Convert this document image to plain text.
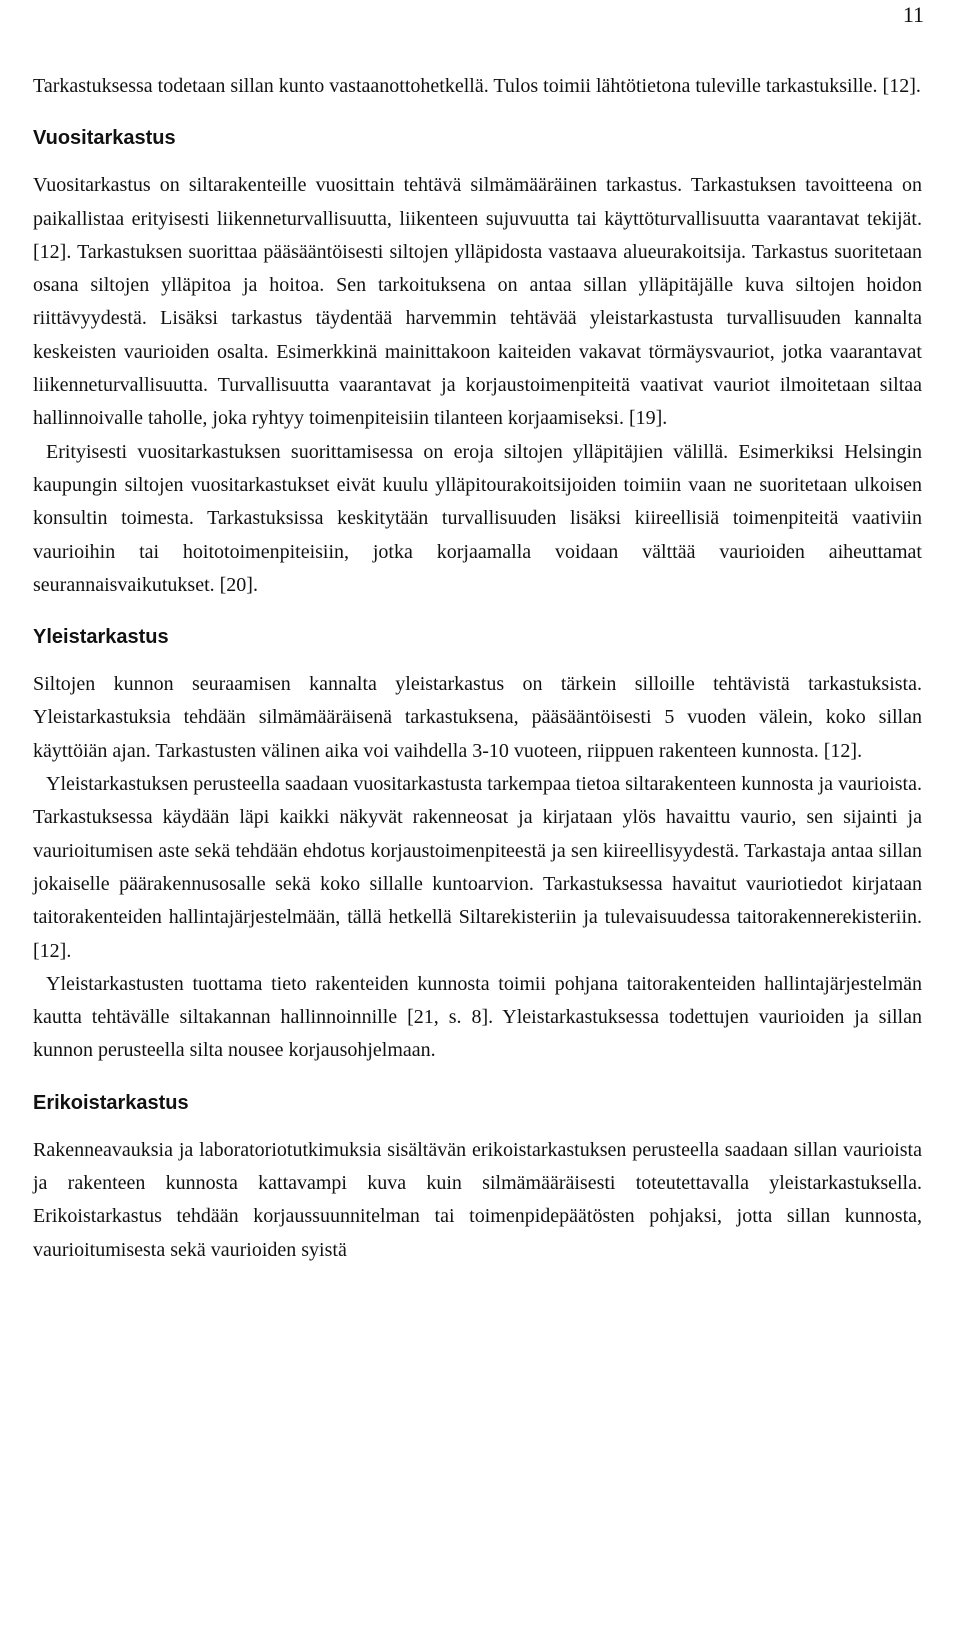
11

Tarkastuksessa todetaan sillan kunto vastaanottohetkellä. Tulos toimii lähtötietona tuleville tarkastuksille. [12].

Vuositarkastus

Vuositarkastus on siltarakenteille vuosittain tehtävä silmämääräinen tarkastus. Tarkastuksen tavoitteena on paikallistaa erityisesti liikenneturvallisuutta, liikenteen sujuvuutta tai käyttöturvallisuutta vaarantavat tekijät. [12]. Tarkastuksen suorittaa pääsääntöisesti siltojen ylläpidosta vastaava alueurakoitsija. Tarkastus suoritetaan osana siltojen ylläpitoa ja hoitoa. Sen tarkoituksena on antaa sillan ylläpitäjälle kuva siltojen hoidon riittävyydestä. Lisäksi tarkastus täydentää harvemmin tehtävää yleistarkastusta turvallisuuden kannalta keskeisten vaurioiden osalta. Esimerkkinä mainittakoon kaiteiden vakavat törmäysvauriot, jotka vaarantavat liikenneturvallisuutta. Turvallisuutta vaarantavat ja korjaustoimenpiteitä vaativat vauriot ilmoitetaan siltaa hallinnoivalle taholle, joka ryhtyy toimenpiteisiin tilanteen korjaamiseksi. [19].

Erityisesti vuositarkastuksen suorittamisessa on eroja siltojen ylläpitäjien välillä. Esimerkiksi Helsingin kaupungin siltojen vuositarkastukset eivät kuulu ylläpitourakoitsijoiden toimiin vaan ne suoritetaan ulkoisen konsultin toimesta. Tarkastuksissa keskitytään turvallisuuden lisäksi kiireellisiä toimenpiteitä vaativiin vaurioihin tai hoitotoimenpiteisiin, jotka korjaamalla voidaan välttää vaurioiden aiheuttamat seurannaisvaikutukset. [20].

Yleistarkastus

Siltojen kunnon seuraamisen kannalta yleistarkastus on tärkein silloille tehtävistä tarkastuksista. Yleistarkastuksia tehdään silmämääräisenä tarkastuksena, pääsääntöisesti 5 vuoden välein, koko sillan käyttöiän ajan. Tarkastusten välinen aika voi vaihdella 3-10 vuoteen, riippuen rakenteen kunnosta. [12].

Yleistarkastuksen perusteella saadaan vuositarkastusta tarkempaa tietoa siltarakenteen kunnosta ja vaurioista. Tarkastuksessa käydään läpi kaikki näkyvät rakenneosat ja kirjataan ylös havaittu vaurio, sen sijainti ja vaurioitumisen aste sekä tehdään ehdotus korjaustoimenpiteestä ja sen kiireellisyydestä. Tarkastaja antaa sillan jokaiselle päärakennusosalle sekä koko sillalle kuntoarvion. Tarkastuksessa havaitut vauriotiedot kirjataan taitorakenteiden hallintajärjestelmään, tällä hetkellä Siltarekisteriin ja tulevaisuudessa taitorakennerekisteriin. [12].

Yleistarkastusten tuottama tieto rakenteiden kunnosta toimii pohjana taitorakenteiden hallintajärjestelmän kautta tehtävälle siltakannan hallinnoinnille [21, s. 8]. Yleistarkastuksessa todettujen vaurioiden ja sillan kunnon perusteella silta nousee korjausohjelmaan.

Erikoistarkastus

Rakenneavauksia ja laboratoriotutkimuksia sisältävän erikoistarkastuksen perusteella saadaan sillan vaurioista ja rakenteen kunnosta kattavampi kuva kuin silmämääräisesti toteutettavalla yleistarkastuksella. Erikoistarkastus tehdään korjaussuunnitelman tai toimenpidepäätösten pohjaksi, jotta sillan kunnosta, vaurioitumisesta sekä vaurioiden syistä
